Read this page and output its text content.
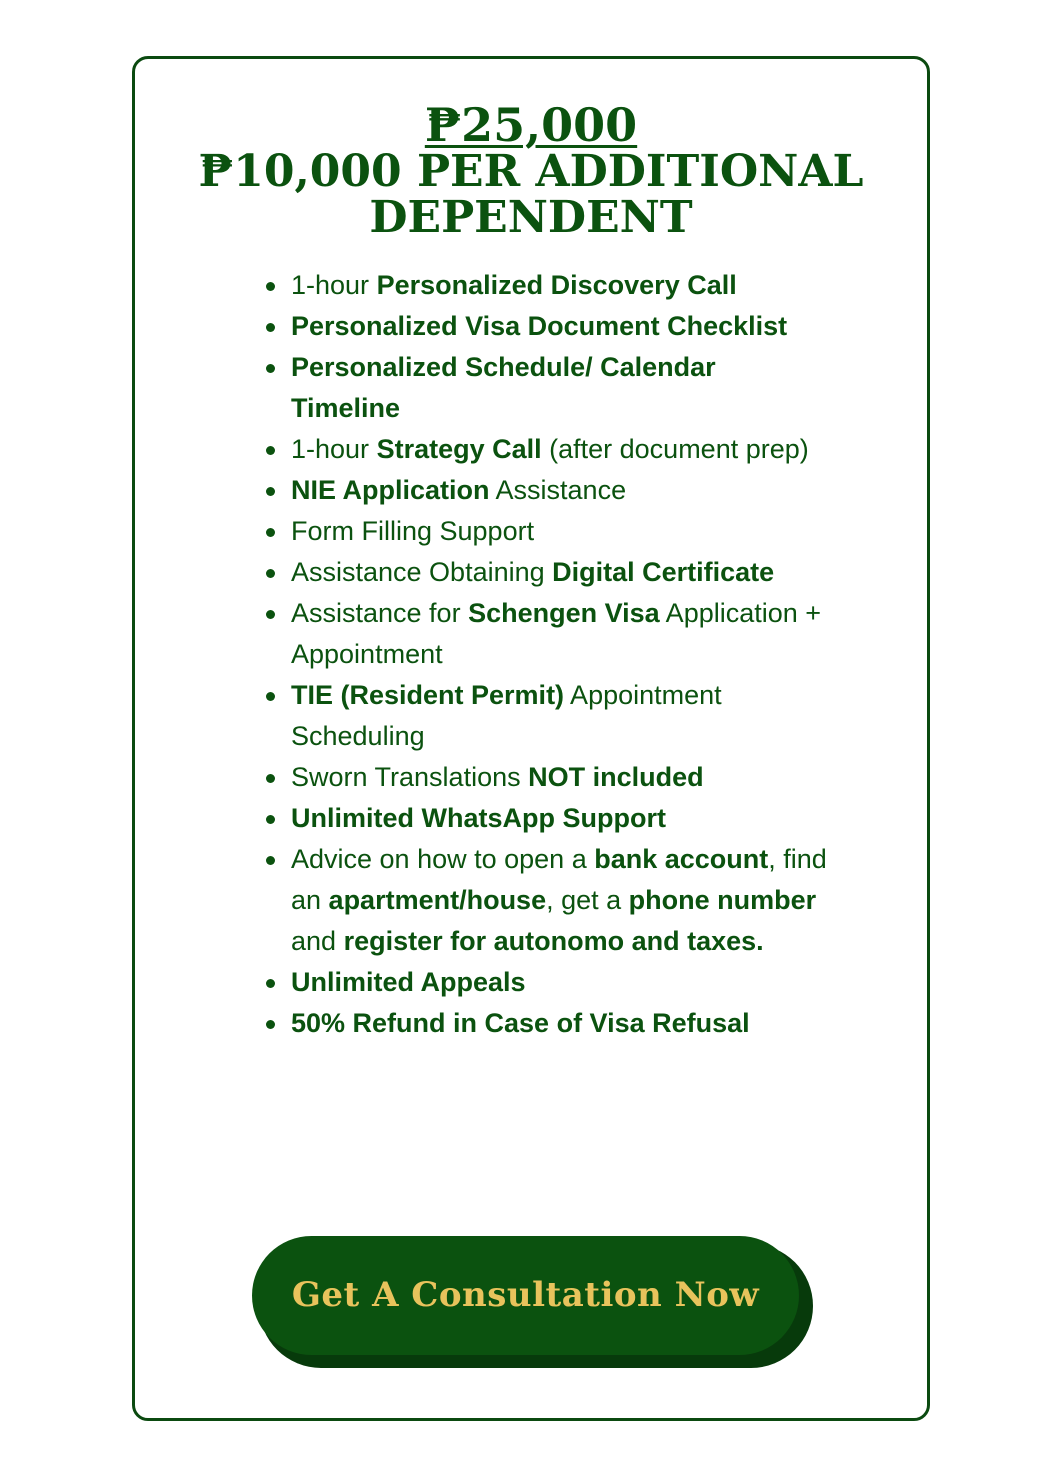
₱25,000
₱10,000 PER ADDITIONAL DEPENDENT
1-hour Personalized Discovery Call
Personalized Visa Document Checklist
Personalized Schedule/ Calendar Timeline
1-hour Strategy Call (after document prep)
NIE Application Assistance
Form Filling Support
Assistance Obtaining Digital Certificate
Assistance for Schengen Visa Application + Appointment
TIE (Resident Permit) Appointment Scheduling
Sworn Translations NOT included
Unlimited WhatsApp Support
Advice on how to open a bank account, find an apartment/house, get a phone number and register for autonomo and taxes.
Unlimited Appeals
50% Refund in Case of Visa Refusal
Get A Consultation Now
